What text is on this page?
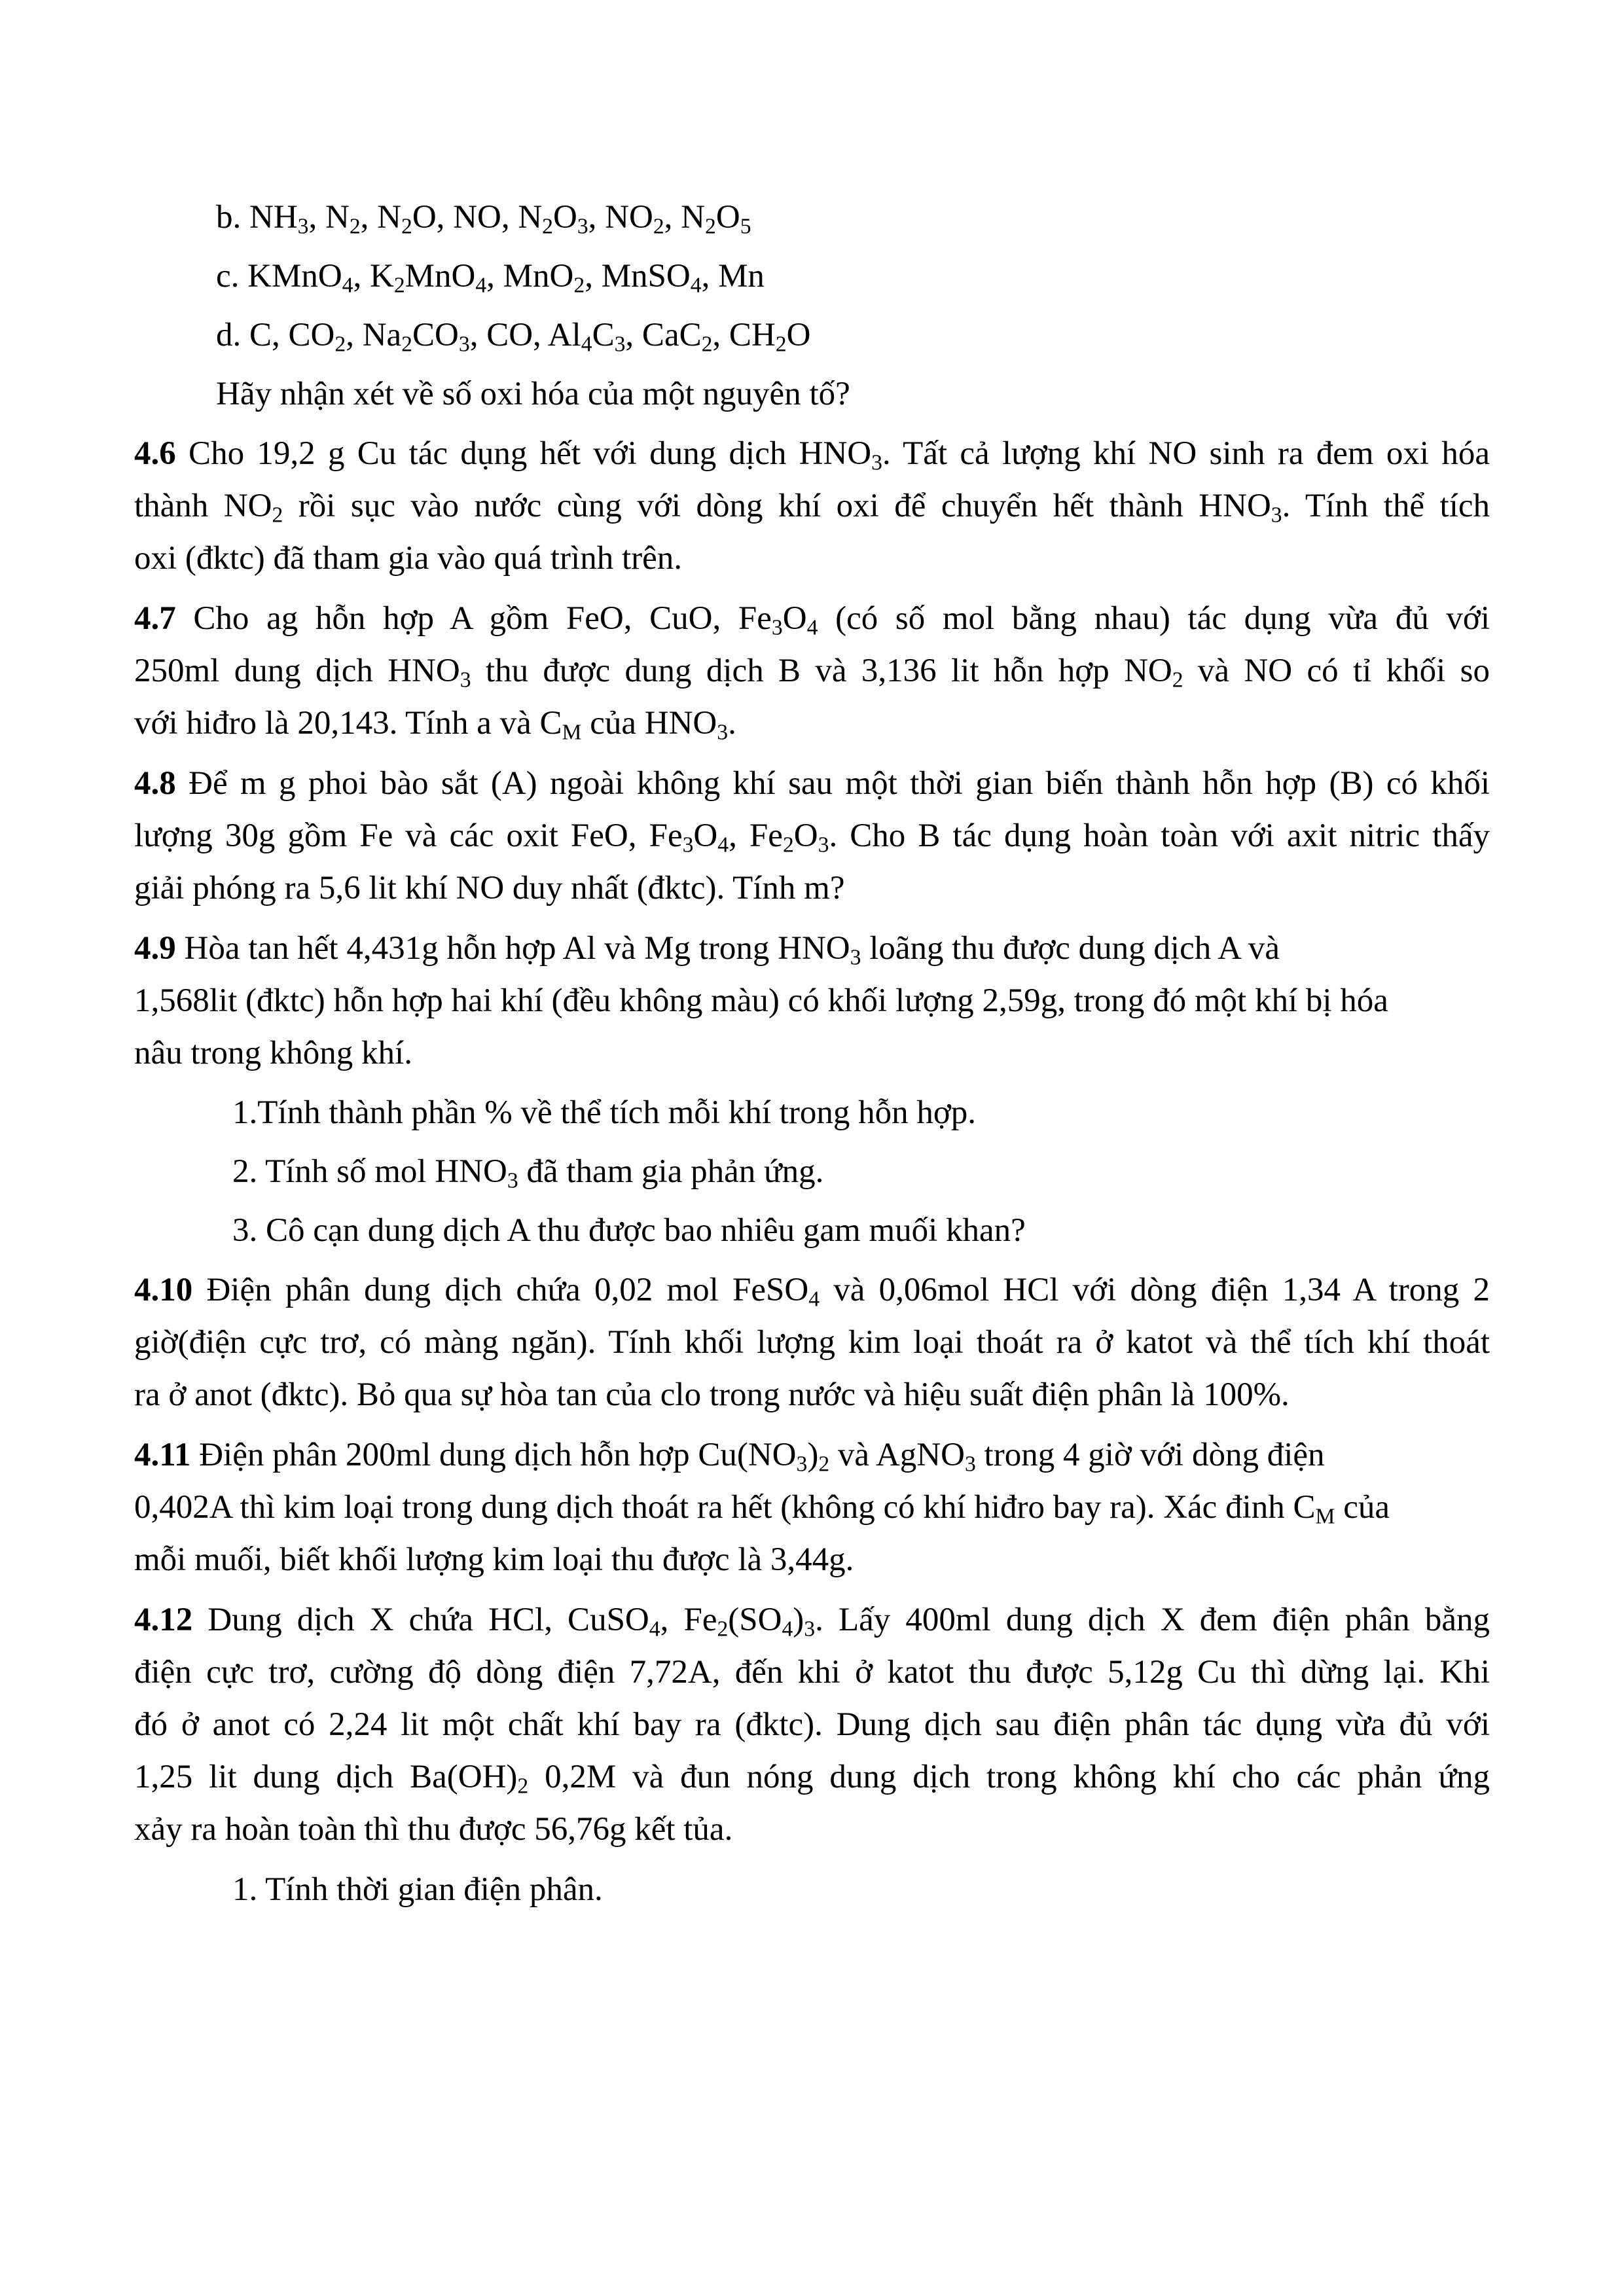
b. $NH_3$, $N_2$, $N_2O$, NO, $N_2O_3$, $NO_2$, $N_2O_5$
c. KMnO$_4$, $K_2MnO_4$, MnO$_2$, MnSO$_4$, Mn
d. C, $CO_2$, $Na_2CO_3$, CO, $Al_4C_3$, CaC$_2$, $CH_2O$
Hãy nhận xét về số oxi hóa của một nguyên tố?
4.6 Cho 19,2 g Cu tác dụng hết với dung dịch $HNO_3$. Tất cả lượng khí NO sinh ra đem oxi hóa
thành $NO_2$ rồi sục vào nước cùng với dòng khí oxi để chuyển hết thành $HNO_3$. Tính thể tích
oxi (đktc) đã tham gia vào quá trình trên.
4.7 Cho ag hỗn hợp A gồm FeO, CuO, $Fe_3O_4$ (có số mol bằng nhau) tác dụng vừa đủ với
250ml dung dịch $HNO_3$ thu được dung dịch B và 3,136 lit hỗn hợp $NO_2$ và NO có tỉ khối so
với hiđro là 20,143. Tính a và $C_M$ của $HNO_3$.
4.8 Để m g phoi bào sắt (A) ngoài không khí sau một thời gian biến thành hỗn hợp (B) có khối
lượng 30g gồm Fe và các oxit FeO, $Fe_3O_4$, $Fe_2O_3$. Cho B tác dụng hoàn toàn với axit nitric thấy
giải phóng ra 5,6 lit khí NO duy nhất (đktc). Tính m?
4.9 Hòa tan hết 4,431g hỗn hợp Al và Mg trong $HNO_3$ loãng thu được dung dịch A và
1,568lit (đktc) hỗn hợp hai khí (đều không màu) có khối lượng 2,59g, trong đó một khí bị hóa
nâu trong không khí.
1.Tính thành phần % về thể tích mỗi khí trong hỗn hợp.
2. Tính số mol $HNO_3$ đã tham gia phản ứng.
3. Cô cạn dung dịch A thu được bao nhiêu gam muối khan?
4.10 Điện phân dung dịch chứa 0,02 mol FeSO$_4$ và 0,06mol HCl với dòng điện 1,34 A trong 2
giờ(điện cực trơ, có màng ngăn). Tính khối lượng kim loại thoát ra ở katot và thể tích khí thoát
ra ở anot (đktc). Bỏ qua sự hòa tan của clo trong nước và hiệu suất điện phân là 100%.
4.11 Điện phân 200ml dung dịch hỗn hợp $Cu(NO_3)_2$ và AgNO$_3$ trong 4 giờ với dòng điện
0,402A thì kim loại trong dung dịch thoát ra hết (không có khí hiđro bay ra). Xác đinh $C_M$ của
mỗi muối, biết khối lượng kim loại thu được là 3,44g.
4.12 Dung dịch X chứa HCl, CuSO$_4$, $Fe_2(SO_4)_3$. Lấy 400ml dung dịch X đem điện phân bằng
điện cực trơ, cường độ dòng điện 7,72A, đến khi ở katot thu được 5,12g Cu thì dừng lại. Khi
đó ở anot có 2,24 lit một chất khí bay ra (đktc). Dung dịch sau điện phân tác dụng vừa đủ với
1,25 lit dung dịch $Ba(OH)_2$ 0,2M và đun nóng dung dịch trong không khí cho các phản ứng
xảy ra hoàn toàn thì thu được 56,76g kết tủa.
1. Tính thời gian điện phân.
